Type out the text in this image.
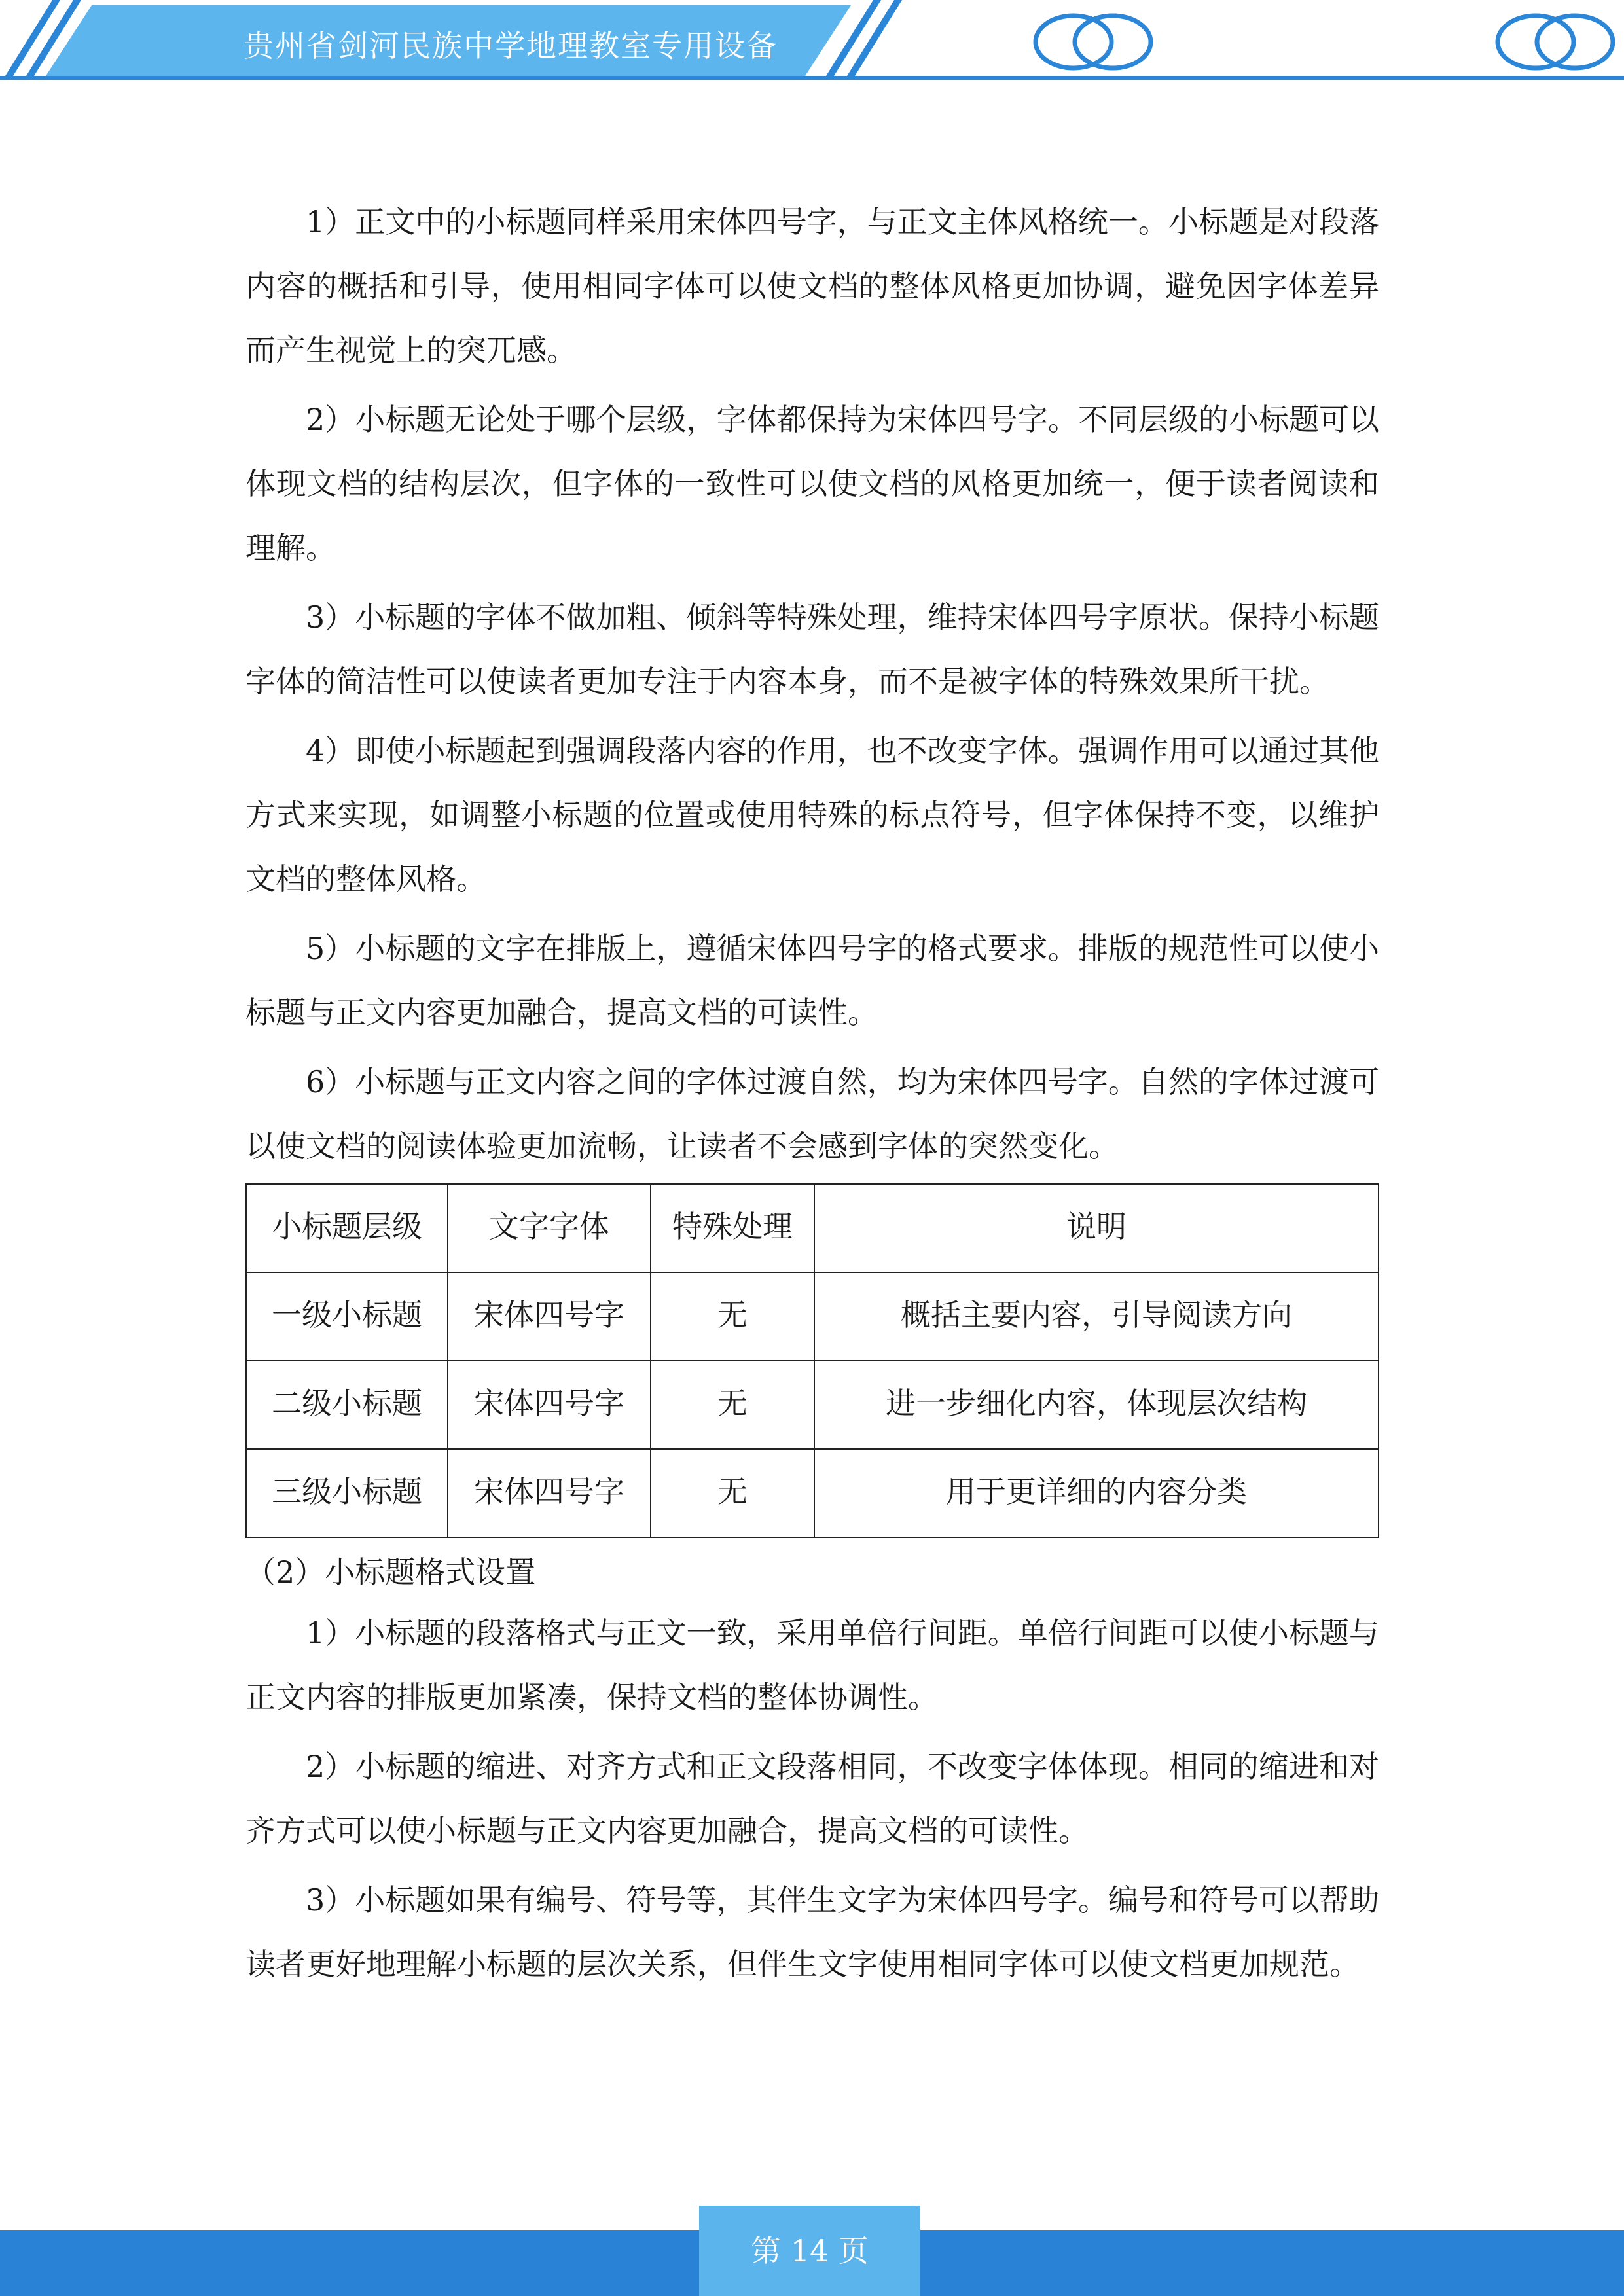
贵州省剑河民族中学地理教室专用设备

1）正文中的小标题同样采用宋体四号字，与正文主体风格统一。小标题是对段落内容的概括和引导，使用相同字体可以使文档的整体风格更加协调，避免因字体差异而产生视觉上的突兀感。

2）小标题无论处于哪个层级，字体都保持为宋体四号字。不同层级的小标题可以体现文档的结构层次，但字体的一致性可以使文档的风格更加统一，便于读者阅读和理解。

3）小标题的字体不做加粗、倾斜等特殊处理，维持宋体四号字原状。保持小标题字体的简洁性可以使读者更加专注于内容本身，而不是被字体的特殊效果所干扰。

4）即使小标题起到强调段落内容的作用，也不改变字体。强调作用可以通过其他方式来实现，如调整小标题的位置或使用特殊的标点符号，但字体保持不变，以维护文档的整体风格。

5）小标题的文字在排版上，遵循宋体四号字的格式要求。排版的规范性可以使小标题与正文内容更加融合，提高文档的可读性。

6）小标题与正文内容之间的字体过渡自然，均为宋体四号字。自然的字体过渡可以使文档的阅读体验更加流畅，让读者不会感到字体的突然变化。

小标题层级	文字字体	特殊处理	说明
一级小标题	宋体四号字	无	概括主要内容，引导阅读方向
二级小标题	宋体四号字	无	进一步细化内容，体现层次结构
三级小标题	宋体四号字	无	用于更详细的内容分类

（2）小标题格式设置

1）小标题的段落格式与正文一致，采用单倍行间距。单倍行间距可以使小标题与正文内容的排版更加紧凑，保持文档的整体协调性。

2）小标题的缩进、对齐方式和正文段落相同，不改变字体体现。相同的缩进和对齐方式可以使小标题与正文内容更加融合，提高文档的可读性。

3）小标题如果有编号、符号等，其伴生文字为宋体四号字。编号和符号可以帮助读者更好地理解小标题的层次关系，但伴生文字使用相同字体可以使文档更加规范。

第 14 页
